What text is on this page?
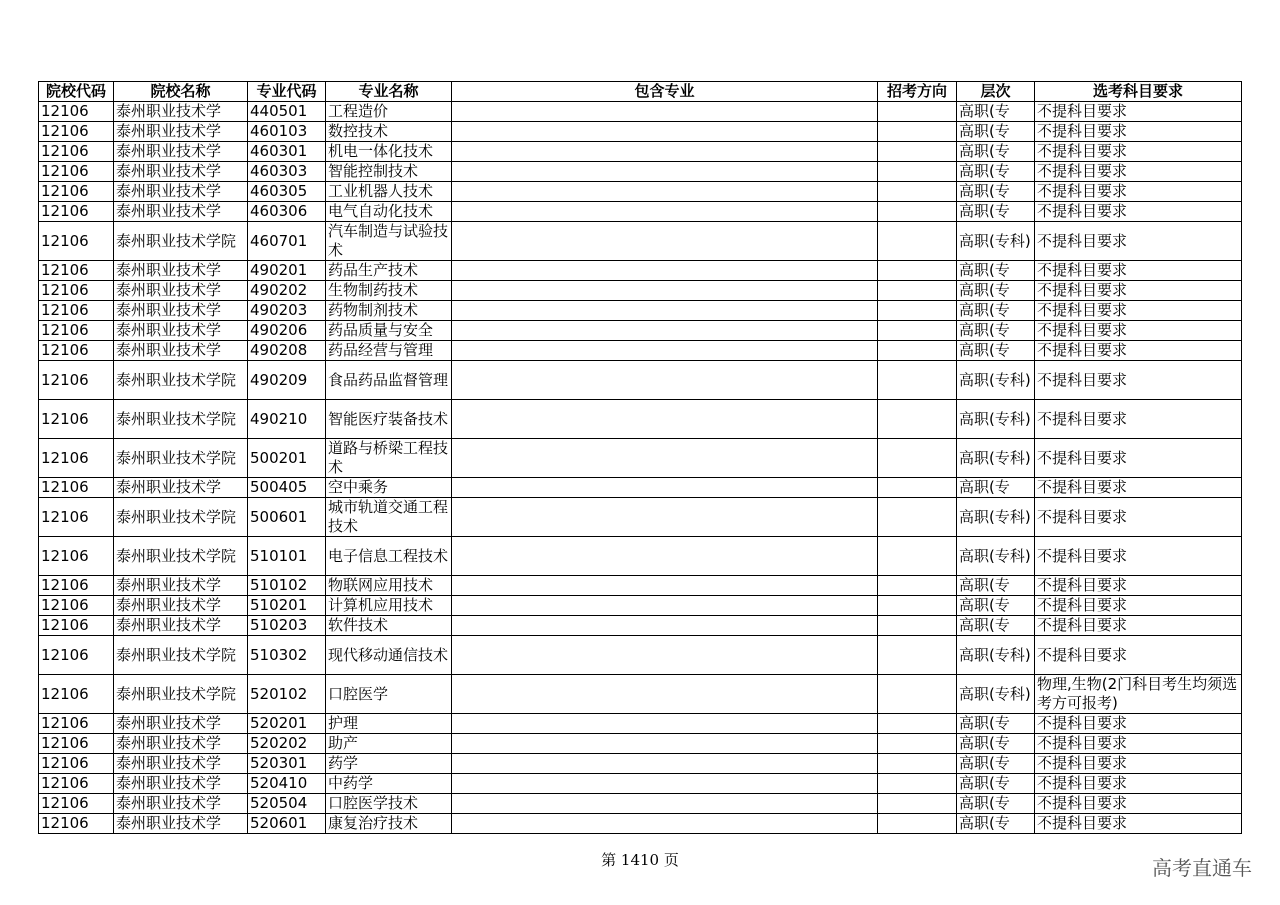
院校代码	院校名称	专业代码	专业名称	包含专业	招考方向	层次	选考科目要求

12106	泰州职业技术学	440501	工程造价			高职(专	不提科目要求

12106	泰州职业技术学	460103	数控技术			高职(专	不提科目要求

12106	泰州职业技术学	460301	机电一体化技术			高职(专	不提科目要求

12106	泰州职业技术学	460303	智能控制技术			高职(专	不提科目要求

12106	泰州职业技术学	460305	工业机器人技术			高职(专	不提科目要求

12106	泰州职业技术学	460306	电气自动化技术			高职(专	不提科目要求

12106	泰州职业技术学院	460701	汽车制造与试验技术			高职(专科)	不提科目要求

12106	泰州职业技术学	490201	药品生产技术			高职(专	不提科目要求

12106	泰州职业技术学	490202	生物制药技术			高职(专	不提科目要求

12106	泰州职业技术学	490203	药物制剂技术			高职(专	不提科目要求

12106	泰州职业技术学	490206	药品质量与安全			高职(专	不提科目要求

12106	泰州职业技术学	490208	药品经营与管理			高职(专	不提科目要求

12106	泰州职业技术学院	490209	食品药品监督管理			高职(专科)	不提科目要求

12106	泰州职业技术学院	490210	智能医疗装备技术			高职(专科)	不提科目要求

12106	泰州职业技术学院	500201	道路与桥梁工程技术			高职(专科)	不提科目要求

12106	泰州职业技术学	500405	空中乘务			高职(专	不提科目要求

12106	泰州职业技术学院	500601	城市轨道交通工程技术			高职(专科)	不提科目要求

12106	泰州职业技术学院	510101	电子信息工程技术			高职(专科)	不提科目要求

12106	泰州职业技术学	510102	物联网应用技术			高职(专	不提科目要求

12106	泰州职业技术学	510201	计算机应用技术			高职(专	不提科目要求

12106	泰州职业技术学	510203	软件技术			高职(专	不提科目要求

12106	泰州职业技术学院	510302	现代移动通信技术			高职(专科)	不提科目要求

12106	泰州职业技术学院	520102	口腔医学			高职(专科)	物理,生物(2门科目考生均须选考方可报考)

12106	泰州职业技术学	520201	护理			高职(专	不提科目要求

12106	泰州职业技术学	520202	助产			高职(专	不提科目要求

12106	泰州职业技术学	520301	药学			高职(专	不提科目要求

12106	泰州职业技术学	520410	中药学			高职(专	不提科目要求

12106	泰州职业技术学	520504	口腔医学技术			高职(专	不提科目要求

12106	泰州职业技术学	520601	康复治疗技术			高职(专	不提科目要求
第 1410 页	高考直通车
